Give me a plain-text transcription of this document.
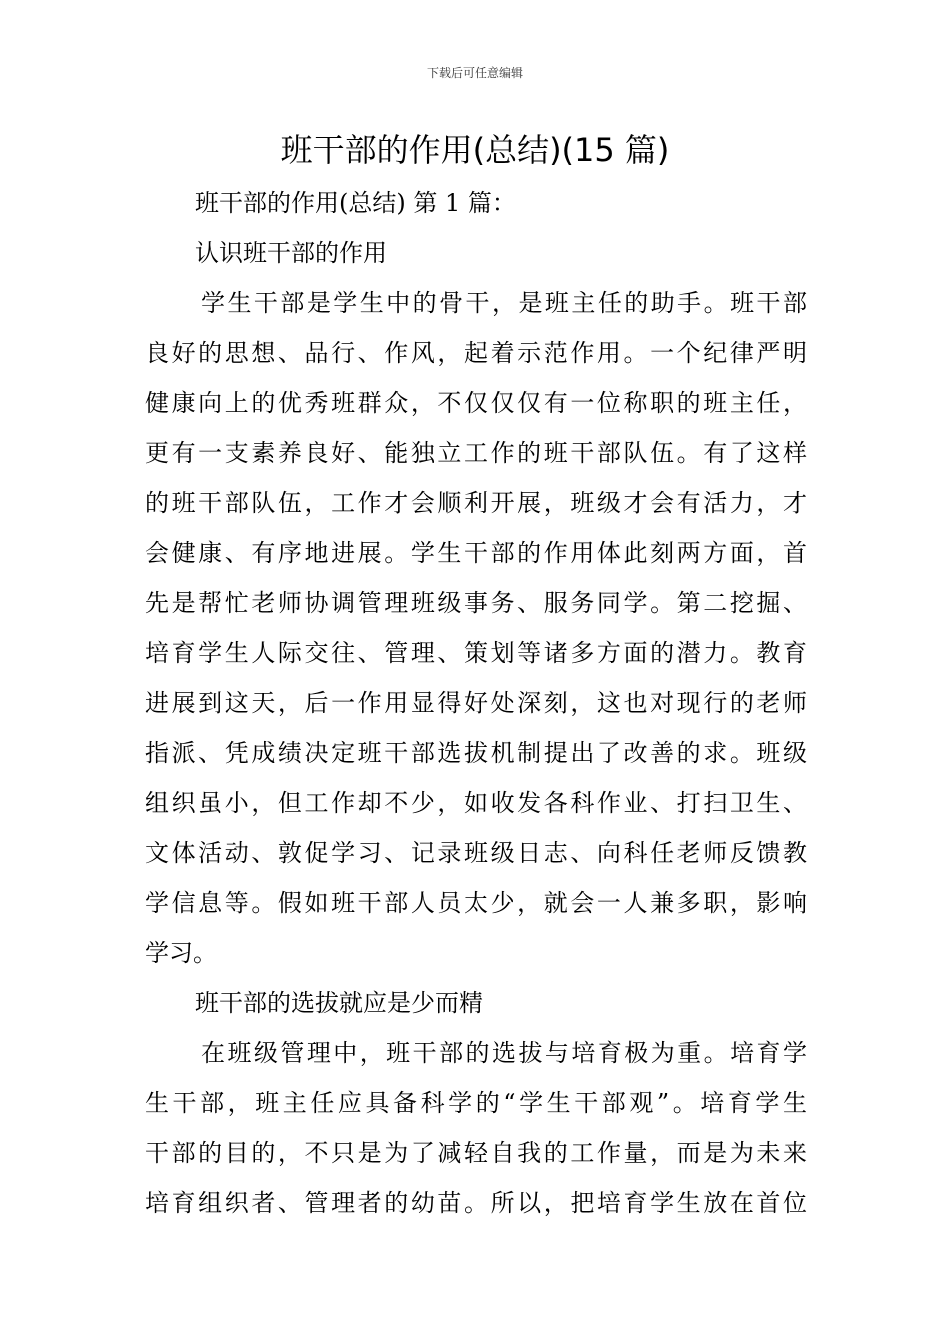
下载后可任意编辑
班干部的作用(总结)(15 篇)
班干部的作用(总结) 第 1 篇：
认识班干部的作用
学生干部是学生中的骨干，是班主任的助手。班干部
良好的思想、品行、作风，起着示范作用。一个纪律严明
健康向上的优秀班群众，不仅仅仅有一位称职的班主任，
更有一支素养良好、能独立工作的班干部队伍。有了这样
的班干部队伍，工作才会顺利开展，班级才会有活力，才
会健康、有序地进展。学生干部的作用体此刻两方面，首
先是帮忙老师协调管理班级事务、服务同学。第二挖掘、
培育学生人际交往、管理、策划等诸多方面的潜力。教育
进展到这天，后一作用显得好处深刻，这也对现行的老师
指派、凭成绩决定班干部选拔机制提出了改善的求。班级
组织虽小，但工作却不少，如收发各科作业、打扫卫生、
文体活动、敦促学习、记录班级日志、向科任老师反馈教
学信息等。假如班干部人员太少，就会一人兼多职，影响
学习。
班干部的选拔就应是少而精
在班级管理中，班干部的选拔与培育极为重。培育学
生干部，班主任应具备科学的“学生干部观”。培育学生
干部的目的，不只是为了减轻自我的工作量，而是为未来
培育组织者、管理者的幼苗。所以，把培育学生放在首位
